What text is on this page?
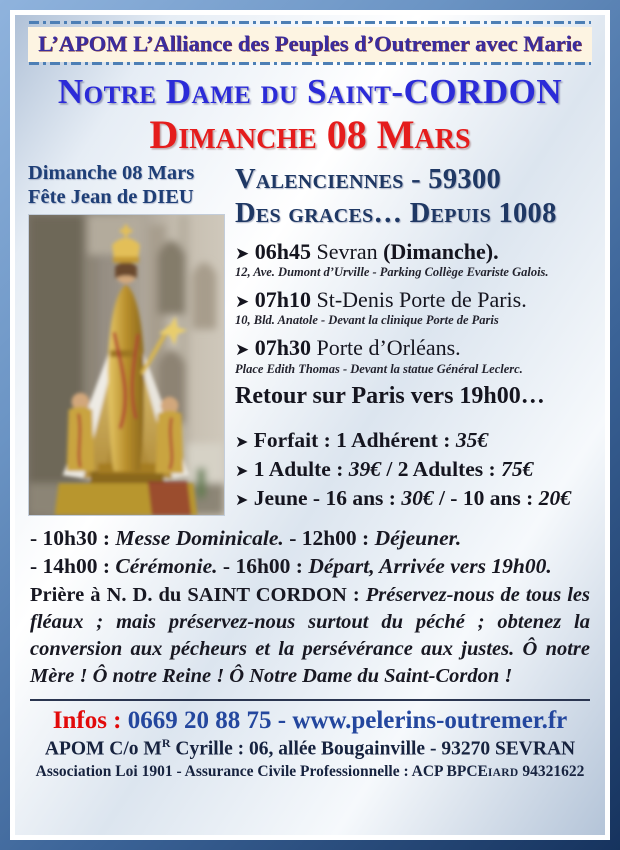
L’APOM L’Alliance des Peuples d’Outremer avec Marie
Notre Dame du Saint-CORDON
Dimanche 08 Mars
Dimanche 08 Mars
Fête Jean de DIEU
Valenciennes - 59300
Des graces… Depuis 1008
➤ 06h45 Sevran (Dimanche).
12, Ave. Dumont d’Urville - Parking Collège Evariste Galois.
➤ 07h10 St-Denis Porte de Paris.
10, Bld. Anatole - Devant la clinique Porte de Paris
➤ 07h30 Porte d’Orléans.
Place Edith Thomas - Devant la statue Général Leclerc.
Retour sur Paris vers 19h00…
➤ Forfait : 1 Adhérent : 35€
➤ 1 Adulte : 39€ / 2 Adultes : 75€
➤ Jeune - 16 ans : 30€ / - 10 ans : 20€
- 10h30 : Messe Dominicale. - 12h00 : Déjeuner.
- 14h00 : Cérémonie. - 16h00 : Départ, Arrivée vers 19h00.
Prière à N. D. du SAINT CORDON : Préservez-nous de tous les fléaux ; mais préservez-nous surtout du péché ; obtenez la conversion aux pécheurs et la persévérance aux justes. Ô notre Mère ! Ô notre Reine ! Ô Notre Dame du Saint-Cordon !
Infos : 0669 20 88 75 - www.pelerins-outremer.fr
APOM C/o $M^R$ Cyrille : 06, allée Bougainville - 93270 SEVRAN
Association Loi 1901 - Assurance Civile Professionnelle : ACP BPCEIARD 94321622
